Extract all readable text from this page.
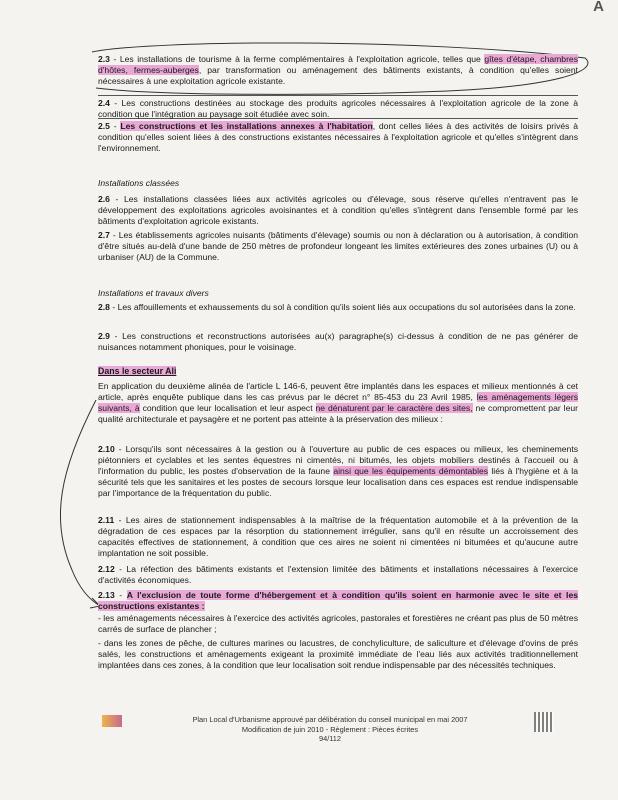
A
2.3 - Les installations de tourisme à la ferme complémentaires à l'exploitation agricole, telles que gîtes d'étape, chambres d'hôtes, fermes-auberges, par transformation ou aménagement des bâtiments existants, à condition qu'elles soient nécessaires à une exploitation agricole existante.
2.4 - Les constructions destinées au stockage des produits agricoles nécessaires à l'exploitation agricole de la zone à condition que l'intégration au paysage soit étudiée avec soin.
2.5 - Les constructions et les installations annexes à l'habitation, dont celles liées à des activités de loisirs privés à condition qu'elles soient liées à des constructions existantes nécessaires à l'exploitation agricole et qu'elles s'intègrent dans l'environnement.
Installations classées
2.6 - Les installations classées liées aux activités agricoles ou d'élevage, sous réserve qu'elles n'entravent pas le développement des exploitations agricoles avoisinantes et à condition qu'elles s'intègrent dans l'ensemble formé par les bâtiments d'exploitation agricole existants.
2.7 - Les établissements agricoles nuisants (bâtiments d'élevage) soumis ou non à déclaration ou à autorisation, à condition d'être situés au-delà d'une bande de 250 mètres de profondeur longeant les limites extérieures des zones urbaines (U) ou à urbaniser (AU) de la Commune.
Installations et travaux divers
2.8 - Les affouillements et exhaussements du sol à condition qu'ils soient liés aux occupations du sol autorisées dans la zone.
2.9 - Les constructions et reconstructions autorisées au(x) paragraphe(s) ci-dessus à condition de ne pas générer de nuisances notamment phoniques, pour le voisinage.
Dans le secteur Ali
En application du deuxième alinéa de l'article L 146-6, peuvent être implantés dans les espaces et milieux mentionnés à cet article, après enquête publique dans les cas prévus par le décret n° 85-453 du 23 Avril 1985, les aménagements légers suivants, à condition que leur localisation et leur aspect ne dénaturent par le caractère des sites, ne compromettent par leur qualité architecturale et paysagère et ne portent pas atteinte à la préservation des milieux :
2.10 - Lorsqu'ils sont nécessaires à la gestion ou à l'ouverture au public de ces espaces ou milieux, les cheminements piétonniers et cyclables et les sentes équestres ni cimentés, ni bitumés, les objets mobiliers destinés à l'accueil ou à l'information du public, les postes d'observation de la faune ainsi que les équipements démontables liés à l'hygiène et à la sécurité tels que les sanitaires et les postes de secours lorsque leur localisation dans ces espaces est rendue indispensable par l'importance de la fréquentation du public.
2.11 - Les aires de stationnement indispensables à la maîtrise de la fréquentation automobile et à la prévention de la dégradation de ces espaces par la résorption du stationnement irrégulier, sans qu'il en résulte un accroissement des capacités effectives de stationnement, à condition que ces aires ne soient ni cimentées ni bitumées et qu'aucune autre implantation ne soit possible.
2.12 - La réfection des bâtiments existants et l'extension limitée des bâtiments et installations nécessaires à l'exercice d'activités économiques.
2.13 - A l'exclusion de toute forme d'hébergement et à condition qu'ils soient en harmonie avec le site et les constructions existantes :
- les aménagements nécessaires à l'exercice des activités agricoles, pastorales et forestières ne créant pas plus de 50 mètres carrés de surface de plancher ;
- dans les zones de pêche, de cultures marines ou lacustres, de conchyliculture, de saliculture et d'élevage d'ovins de prés salés, les constructions et aménagements exigeant la proximité immédiate de l'eau liés aux activités traditionnellement implantées dans ces zones, à la condition que leur localisation soit rendue indispensable par des nécessités techniques.
Plan Local d'Urbanisme approuvé par délibération du conseil municipal en mai 2007
Modification de juin 2010 - Règlement : Pièces écrites
94/112
